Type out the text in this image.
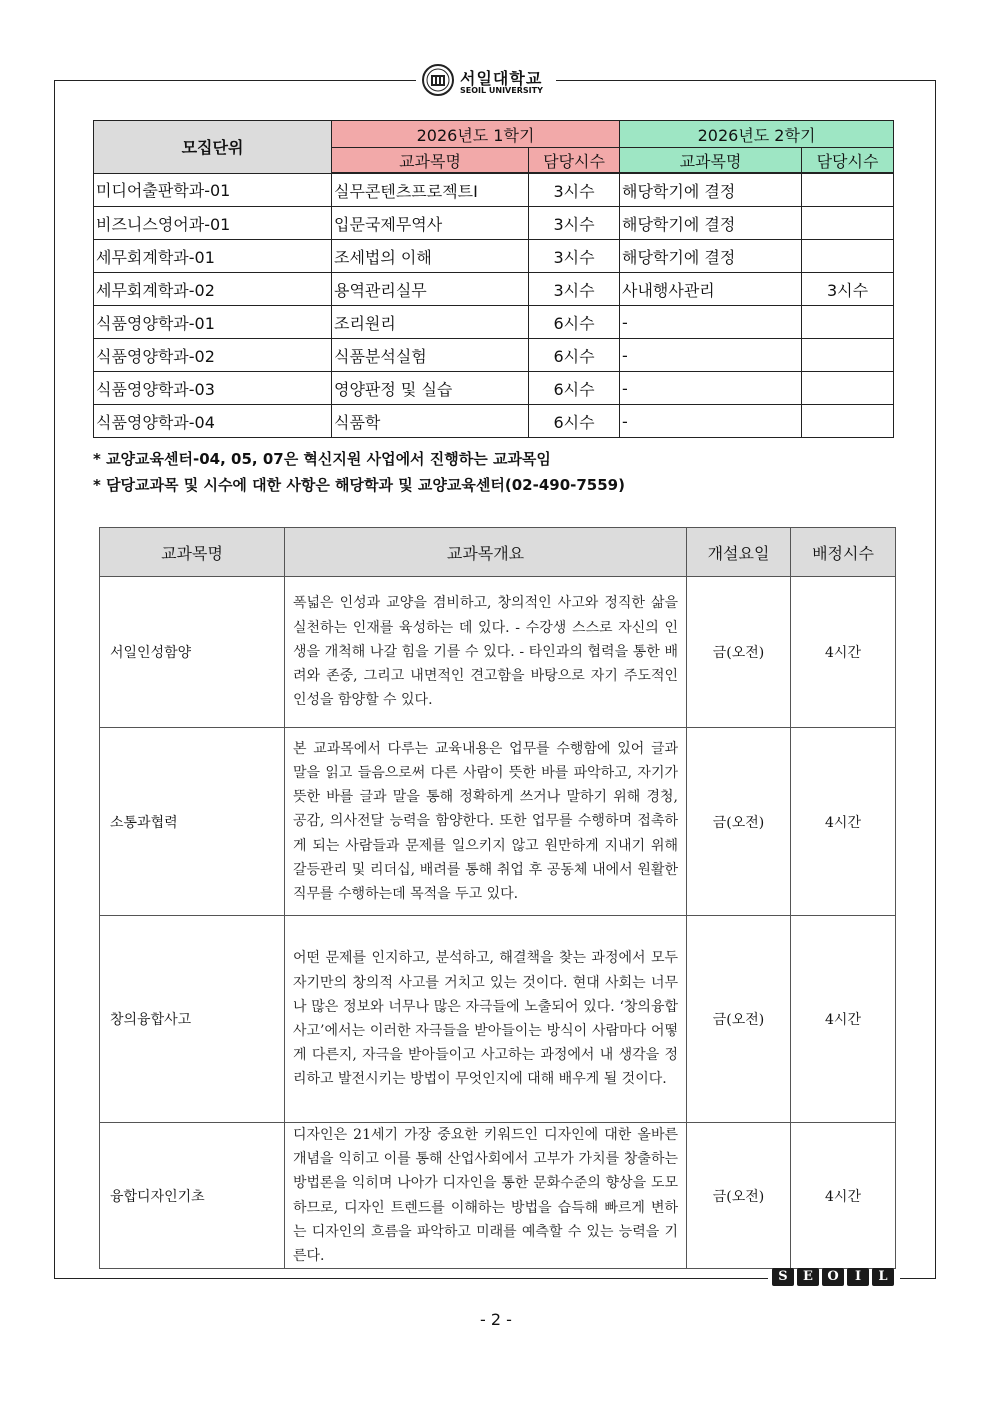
서일대학교
SEOIL UNIVERSITY
모집단위	2026년도 1학기		2026년도 2학기	
	교과목명	담당시수	교과목명	담당시수
미디어출판학과-01	실무콘텐츠프로젝트Ⅰ	3시수	해당학기에 결정	
비즈니스영어과-01	입문국제무역사	3시수	해당학기에 결정	
세무회계학과-01	조세법의 이해	3시수	해당학기에 결정	
세무회계학과-02	용역관리실무	3시수	사내행사관리	3시수
식품영양학과-01	조리원리	6시수	-	
식품영양학과-02	식품분석실험	6시수	-	
식품영양학과-03	영양판정 및 실습	6시수	-	
식품영양학과-04	식품학	6시수	-	
* 교양교육센터-04, 05, 07은 혁신지원 사업에서 진행하는 교과목임
* 담당교과목 및 시수에 대한 사항은 해당학과 및 교양교육센터(02-490-7559)
교과목명	교과목개요	개설요일	배정시수
서일인성함양	폭넓은 인성과 교양을 겸비하고, 창의적인 사고와 정직한 삶을 실천하는 인재를 육성하는 데 있다. - 수강생 스스로 자신의 인생을 개척해 나갈 힘을 기를 수 있다. - 타인과의 협력을 통한 배려와 존중, 그리고 내면적인 견고함을 바탕으로 자기 주도적인 인성을 함양할 수 있다.	금(오전)	4시간
소통과협력	본 교과목에서 다루는 교육내용은 업무를 수행함에 있어 글과 말을 읽고 들음으로써 다른 사람이 뜻한 바를 파악하고, 자기가 뜻한 바를 글과 말을 통해 정확하게 쓰거나 말하기 위해 경청, 공감, 의사전달 능력을 함양한다. 또한 업무를 수행하며 접촉하게 되는 사람들과 문제를 일으키지 않고 원만하게 지내기 위해 갈등관리 및 리더십, 배려를 통해 취업 후 공동체 내에서 원활한 직무를 수행하는데 목적을 두고 있다.	금(오전)	4시간
창의융합사고	어떤 문제를 인지하고, 분석하고, 해결책을 찾는 과정에서 모두 자기만의 창의적 사고를 거치고 있는 것이다. 현대 사회는 너무나 많은 정보와 너무나 많은 자극들에 노출되어 있다. ‘창의융합사고’에서는 이러한 자극들을 받아들이는 방식이 사람마다 어떻게 다른지, 자극을 받아들이고 사고하는 과정에서 내 생각을 정리하고 발전시키는 방법이 무엇인지에 대해 배우게 될 것이다.	금(오전)	4시간
융합디자인기초	디자인은 21세기 가장 중요한 키워드인 디자인에 대한 올바른 개념을 익히고 이를 통해 산업사회에서 고부가 가치를 창출하는 방법론을 익히며 나아가 디자인을 통한 문화수준의 향상을 도모하므로, 디자인 트렌드를 이해하는 방법을 습득해 빠르게 변하는 디자인의 흐름을 파악하고 미래를 예측할 수 있는 능력을 기른다.	금(오전)	4시간
S	E	O	I	L
- 2 -
